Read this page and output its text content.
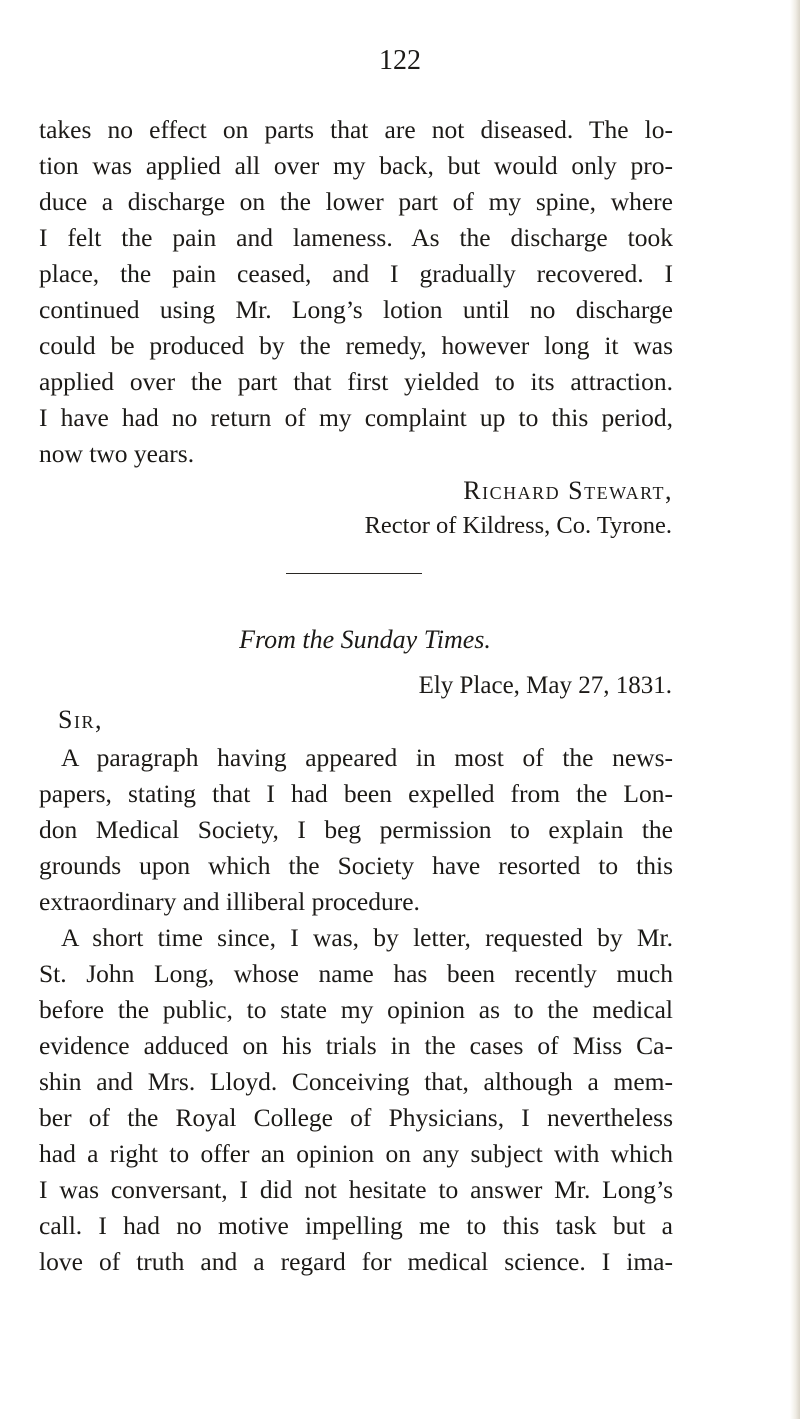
122
takes no effect on parts that are not diseased. The lo-
tion was applied all over my back, but would only pro-
duce a discharge on the lower part of my spine, where
I felt the pain and lameness. As the discharge took
place, the pain ceased, and I gradually recovered. I
continued using Mr. Long’s lotion until no discharge
could be produced by the remedy, however long it was
applied over the part that first yielded to its attraction.
I have had no return of my complaint up to this period,
now two years.
Richard Stewart,
Rector of Kildress, Co. Tyrone.
From the Sunday Times.
Ely Place, May 27, 1831.
Sir,
A paragraph having appeared in most of the news-
papers, stating that I had been expelled from the Lon-
don Medical Society, I beg permission to explain the
grounds upon which the Society have resorted to this
extraordinary and illiberal procedure.
A short time since, I was, by letter, requested by Mr.
St. John Long, whose name has been recently much
before the public, to state my opinion as to the medical
evidence adduced on his trials in the cases of Miss Ca-
shin and Mrs. Lloyd. Conceiving that, although a mem-
ber of the Royal College of Physicians, I nevertheless
had a right to offer an opinion on any subject with which
I was conversant, I did not hesitate to answer Mr. Long’s
call. I had no motive impelling me to this task but a
love of truth and a regard for medical science. I ima-
